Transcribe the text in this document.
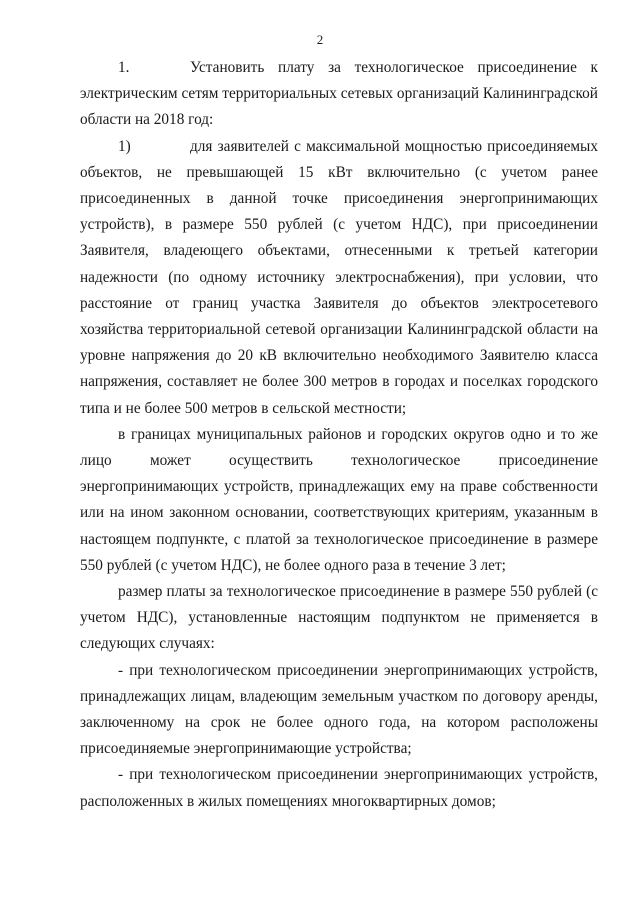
2

1.	Установить плату за технологическое присоединение к электрическим сетям территориальных сетевых организаций Калининградской области на 2018 год:

1)	для заявителей с максимальной мощностью присоединяемых объектов, не превышающей 15 кВт включительно (с учетом ранее присоединенных в данной точке присоединения энергопринимающих устройств), в размере 550 рублей (с учетом НДС), при присоединении Заявителя, владеющего объектами, отнесенными к третьей категории надежности (по одному источнику электроснабжения), при условии, что расстояние от границ участка Заявителя до объектов электросетевого хозяйства территориальной сетевой организации Калининградской области на уровне напряжения до 20 кВ включительно необходимого Заявителю класса напряжения, составляет не более 300 метров в городах и поселках городского типа и не более 500 метров в сельской местности;

в границах муниципальных районов и городских округов одно и то же лицо может осуществить технологическое присоединение энергопринимающих устройств, принадлежащих ему на праве собственности или на ином законном основании, соответствующих критериям, указанным в настоящем подпункте, с платой за технологическое присоединение в размере 550 рублей (с учетом НДС), не более одного раза в течение 3 лет;

размер платы за технологическое присоединение в размере 550 рублей (с учетом НДС), установленные настоящим подпунктом не применяется в следующих случаях:

- при технологическом присоединении энергопринимающих устройств, принадлежащих лицам, владеющим земельным участком по договору аренды, заключенному на срок не более одного года, на котором расположены присоединяемые энергопринимающие устройства;

- при технологическом присоединении энергопринимающих устройств, расположенных в жилых помещениях многоквартирных домов;
